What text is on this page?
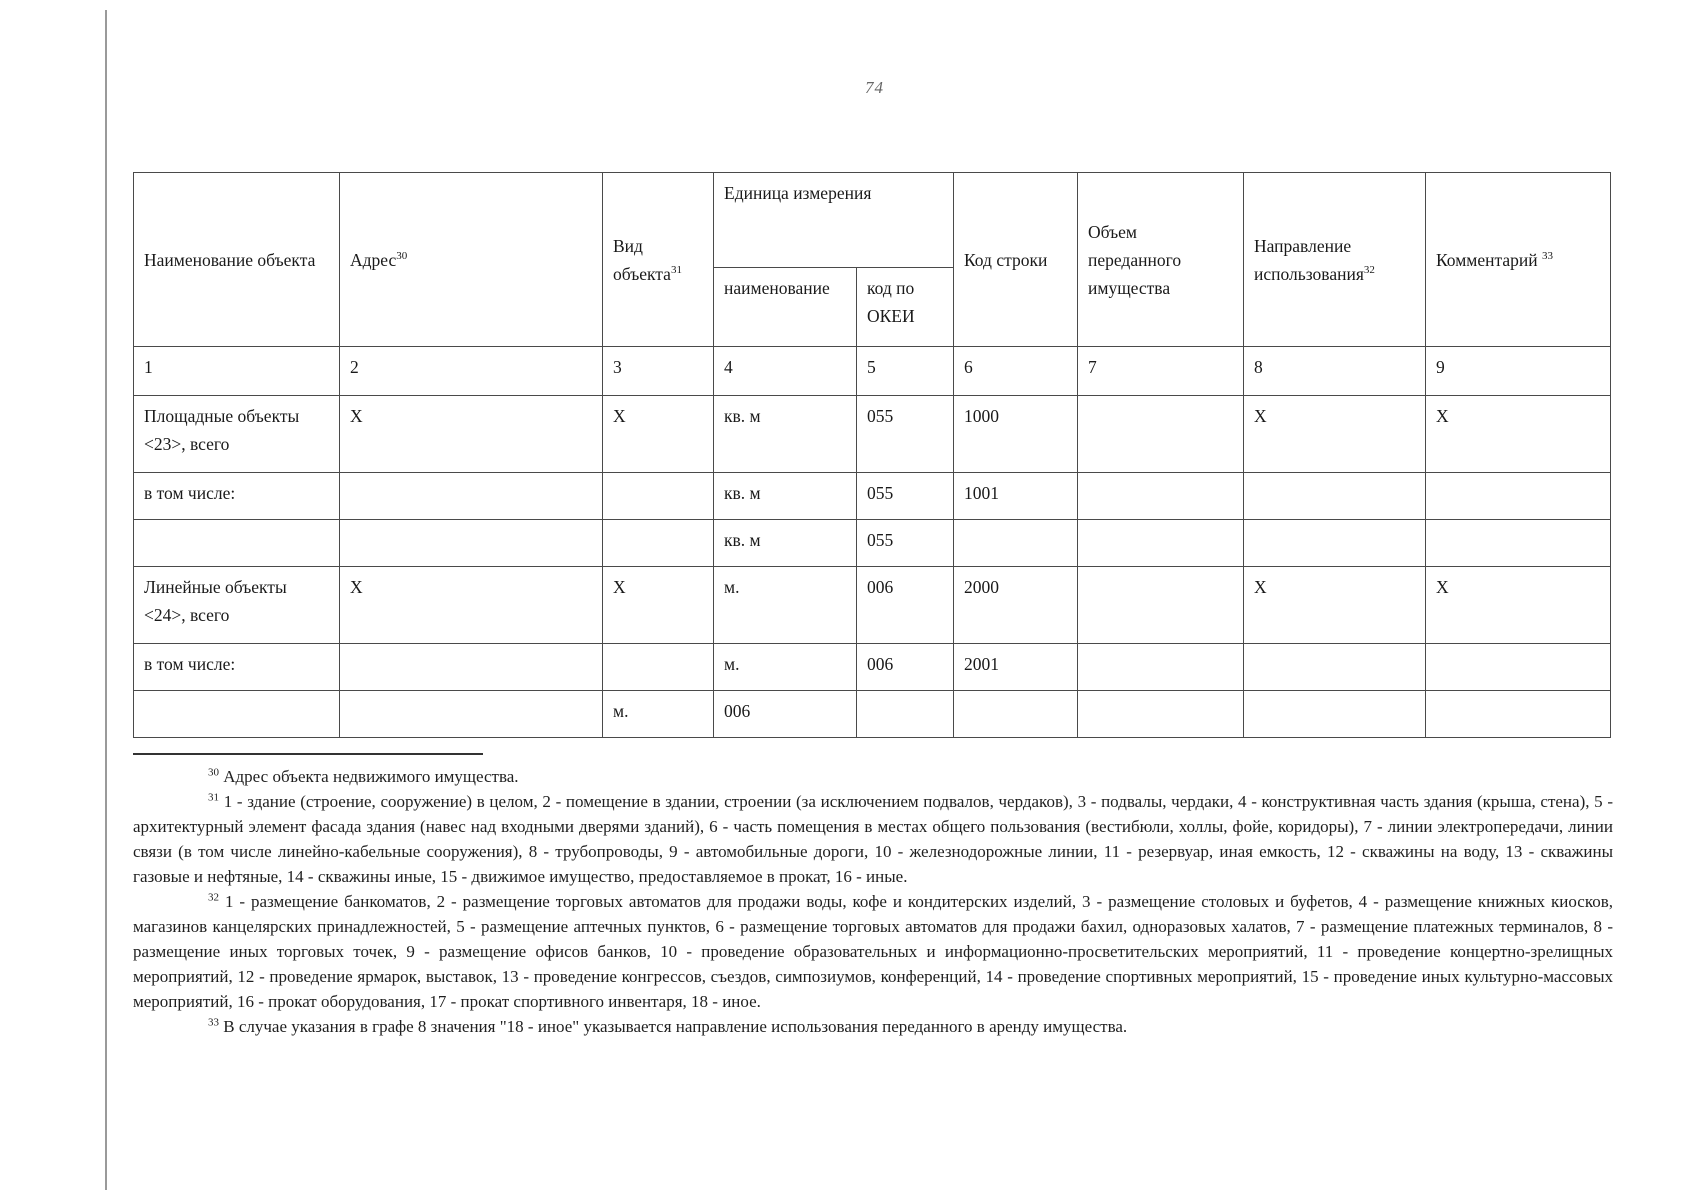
74
Наименование объекта	Адрес$^{30}$	Вид объекта$^{31}$	Единица измерения		Код строки	Объем переданного имущества	Направление использования$^{32}$	Комментарий $^{33}$
			наименование	код по ОКЕИ				
1	2	3	4	5	6	7	8	9
Площадные объекты <23>, всего	Х	Х	кв. м	055	1000		Х	Х
в том числе:			кв. м	055	1001			
			кв. м	055				
Линейные объекты <24>, всего	Х	Х	м.	006	2000		Х	Х
в том числе:			м.	006	2001			
		м.	006					

$^{30}$ Адрес объекта недвижимого имущества.

$^{31}$ 1 - здание (строение, сооружение) в целом, 2 - помещение в здании, строении (за исключением подвалов, чердаков), 3 - подвалы, чердаки, 4 - конструктивная часть здания (крыша, стена), 5 - архитектурный элемент фасада здания (навес над входными дверями зданий), 6 - часть помещения в местах общего пользования (вестибюли, холлы, фойе, коридоры), 7 - линии электропередачи, линии связи (в том числе линейно-кабельные сооружения), 8 - трубопроводы, 9 - автомобильные дороги, 10 - железнодорожные линии, 11 - резервуар, иная емкость, 12 - скважины на воду, 13 - скважины газовые и нефтяные, 14 - скважины иные, 15 - движимое имущество, предоставляемое в прокат, 16 - иные.

$^{32}$ 1 - размещение банкоматов, 2 - размещение торговых автоматов для продажи воды, кофе и кондитерских изделий, 3 - размещение столовых и буфетов, 4 - размещение книжных киосков, магазинов канцелярских принадлежностей, 5 - размещение аптечных пунктов, 6 - размещение торговых автоматов для продажи бахил, одноразовых халатов, 7 - размещение платежных терминалов, 8 - размещение иных торговых точек, 9 - размещение офисов банков, 10 - проведение образовательных и информационно-просветительских мероприятий, 11 - проведение концертно-зрелищных мероприятий, 12 - проведение ярмарок, выставок, 13 - проведение конгрессов, съездов, симпозиумов, конференций, 14 - проведение спортивных мероприятий, 15 - проведение иных культурно-массовых мероприятий, 16 - прокат оборудования, 17 - прокат спортивного инвентаря, 18 - иное.

$^{33}$ В случае указания в графе 8 значения "18 - иное" указывается направление использования переданного в аренду имущества.
